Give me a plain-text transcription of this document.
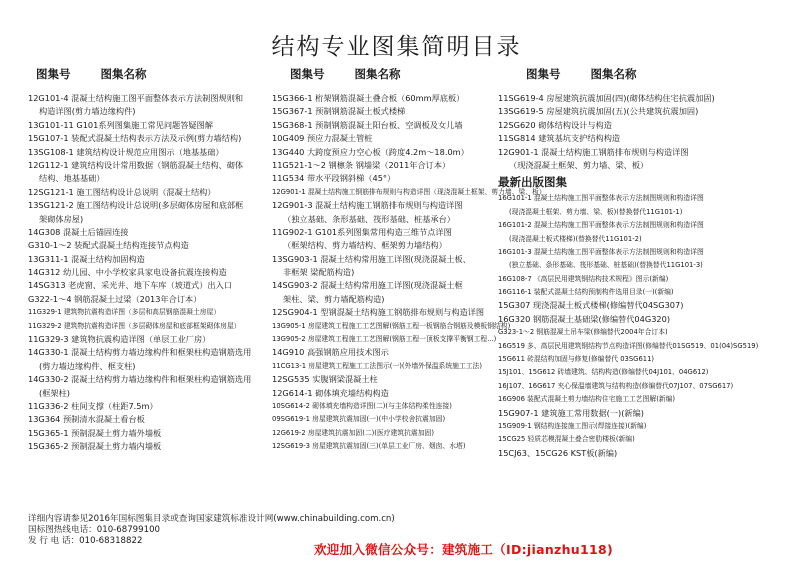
结构专业图集简明目录
图集号	图集名称	图集号	图集名称	图集号	图集名称
12G101-4 混凝土结构施工图平面整体表示方法制图规则和
构造详图(剪力墙边缘构件)
13G101-11 G101系列图集施工常见问题答疑图解
15G107-1 装配式混凝土结构表示方法及示例(剪力墙结构)
13SG108-1 建筑结构设计规范应用图示（地基基础）
12G112-1 建筑结构设计常用数据（钢筋混凝土结构、砌体
结构、地基基础）
12SG121-1 施工图结构设计总说明（混凝土结构）
13SG121-2 施工图结构设计总说明(多层砌体房屋和底部框
架砌体房屋)
14G308 混凝土后锚固连接
G310-1～2 装配式混凝土结构连接节点构造
13G311-1 混凝土结构加固构造
14G312 幼儿园、中小学校家具家电设备抗震连接构造
14SG313 老虎窗、采光井、地下车库（坡道式）出入口
G322-1～4 钢筋混凝土过梁（2013年合订本）
11G329-1 建筑物抗震构造详图（多层和高层钢筋混凝土房屋）
11G329-2 建筑物抗震构造详图（多层砌体房屋和底部框架砌体房屋）
11G329-3 建筑物抗震构造详图（单层工业厂房）
14G330-1 混凝土结构剪力墙边缘构件和框架柱构造钢筋选用
(剪力墙边缘构件、框支柱)
14G330-2 混凝土结构剪力墙边缘构件和框架柱构造钢筋选用
(框架柱)
11G336-2 柱间支撑（柱距7.5m）
13G364 预制清水混凝土看台板
15G365-1 预制混凝土剪力墙外墙板
15G365-2 预制混凝土剪力墙内墙板
15G366-1 桁架钢筋混凝土叠合板（60mm厚底板）
15G367-1 预制钢筋混凝土板式楼梯
15G368-1 预制钢筋混凝土阳台板、空调板及女儿墙
10G409 预应力混凝土管桩
13G440 大跨度预应力空心板（跨度4.2m～18.0m）
11G521-1～2 钢檩条 钢墙梁（2011年合订本）
11G534 带水平段钢斜梯（45°）
12G901-1 混凝土结构施工钢筋排布规则与构造详图（现浇混凝土框架、剪力墙、梁、板）
12G901-3 混凝土结构施工钢筋排布规则与构造详图
（独立基础、条形基础、筏形基础、桩基承台）
11G902-1 G101系列图集常用构造三维节点详图
（框架结构、剪力墙结构、框架剪力墙结构）
13SG903-1 混凝土结构常用施工详图(现浇混凝土板、
非框架 梁配筋构造)
14SG903-2 混凝土结构常用施工详图(现浇混凝土框
架柱、梁、剪力墙配筋构造)
12SG904-1 型钢混凝土结构施工钢筋排布规则与构造详图
13G905-1 房屋建筑工程施工工艺图解(钢筋工程一板钢筋合钢筋及模板钢结构)
13G905-2 房屋建筑工程施工工艺图解(钢筋工程一顶板支撑平衡钢工程...)
14G910 高强钢筋应用技术图示
11CG13-1 房屋建筑工程施工工法图示(一)(外墙外保温系统施工工法)
12SG535 实腹钢梁混凝土柱
12G614-1 砌体填充墙结构构造
10SG614-2 砌体填充墙构造详图(二)(与主体结构柔性连接)
09SG619-1 房屋建筑抗震加固(一)(中小学校舍抗震加固)
12G619-2 房屋建筑抗震加固(二)(医疗建筑抗震加固)
12SG619-3 房屋建筑抗震加固(三)(单层工业厂房、烟囱、水塔)
11SG619-4 房屋建筑抗震加固(四)(砌体结构住宅抗震加固)
13SG619-5 房屋建筑抗震加固(五)(公共建筑抗震加固)
12SG620 砌体结构设计与构造
11SG814 建筑基坑支护结构构造
12G901-1 混凝土结构施工钢筋排布规则与构造详图
（现浇混凝土框架、剪力墙、梁、板）
最新出版图集
16G101-1 混凝土结构施工图平面整体表示方法制图规则和构造详图
(现浇混凝土框架、剪力墙、梁、板)(替换替代11G101-1)
16G101-2 混凝土结构施工图平面整体表示方法制图规则和构造详图
(现浇混凝土板式楼梯)(替换替代11G101-2)
16G101-3 混凝土结构施工图平面整体表示方法制图规则和构造详图
(独立基础、条形基础、筏形基础、桩基础)(替换替代11G101-3)
16G108-7 《高层民用建筑钢结构技术规程》图示(新编)
16G116-1 装配式混凝土结构预制构件选用目录(一)(新编)
15G307 现浇混凝土板式楼梯(修编替代04SG307)
16G320 钢筋混凝土基础梁(修编替代04G320)
G323-1～2 钢筋混凝土吊车梁(修编替代2004年合订本)
16G519 多、高层民用建筑钢结构节点构造详图(修编替代01SG519、01(04)SG519)
15G611 砖混结构加固与修复(修编替代 03SG611)
15J101、15G612 砖墙建筑、结构构造(修编替代04J101、04G612)
16J107、16G617 夹心保温墙建筑与结构构造(修编替代07J107、07SG617)
16G906 装配式混凝土剪力墙结构住宅施工工艺图解(新编)
15G907-1 建筑施工常用数据(一)(新编)
15G909-1 钢结构连接施工图示(焊接连接)(新编)
15CG25 轻质芯模混凝土叠合密肋楼板(新编)
15CJ63、15CG26 KST板(新编)
详细内容请参见2016年国标图集目录或查询国家建筑标准设计网(www.chinabuilding.com.cn)
国标图热线电话：010-68799100
发 行 电 话：010-68318822
欢迎加入微信公众号：建筑施工（ID:jianzhu118)
